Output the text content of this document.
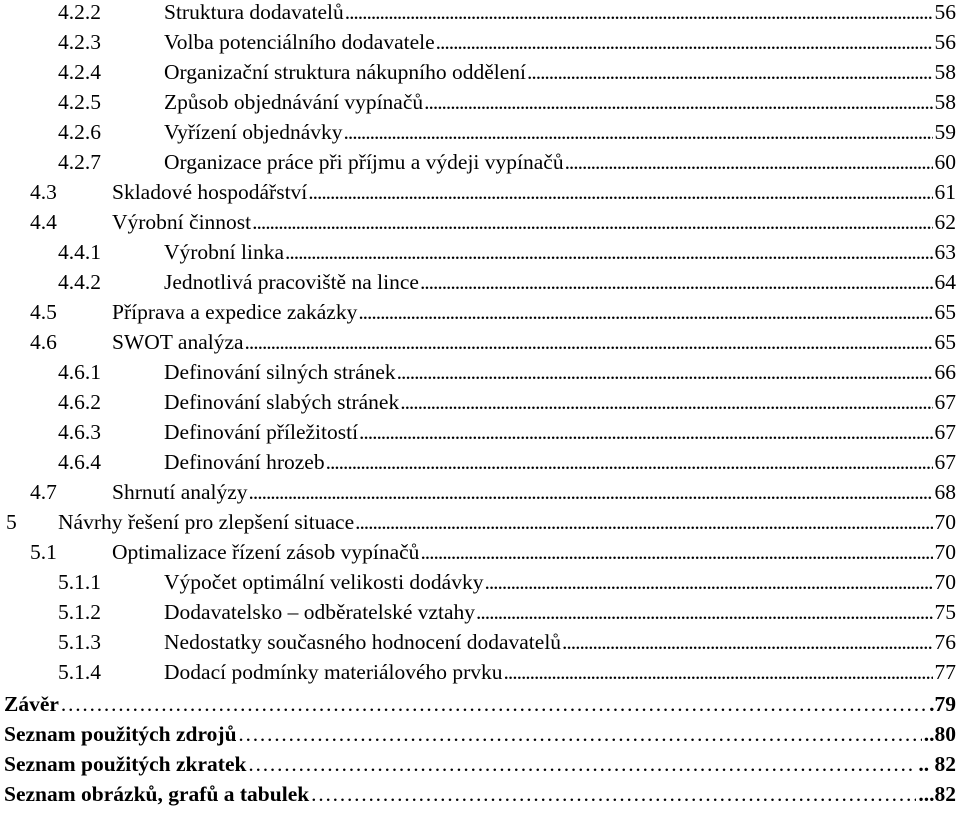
4.2.2	Struktura dodavatelů . . .	56
4.2.3	Volba potenciálního dodavatele . . .	56
4.2.4	Organizační struktura nákupního oddělení . . .	58
4.2.5	Způsob objednávání vypínačů . . .	58
4.2.6	Vyřízení objednávky . . .	59
4.2.7	Organizace práce při příjmu a výdeji vypínačů . . .	60
4.3	Skladové hospodářství . . .	61
4.4	Výrobní činnost . . .	62
4.4.1	Výrobní linka . . .	63
4.4.2	Jednotlivá pracoviště na lince . . .	64
4.5	Příprava a expedice zakázky . . .	65
4.6	SWOT analýza . . .	65
4.6.1	Definování silných stránek . . .	66
4.6.2	Definování slabých stránek . . .	67
4.6.3	Definování příležitostí . . .	67
4.6.4	Definování hrozeb . . .	67
4.7	Shrnutí analýzy . . .	68
5 Návrhy řešení pro zlepšení situace . . .	70
5.1	Optimalizace řízení zásob vypínačů . . .	70
5.1.1	Výpočet optimální velikosti dodávky . . .	70
5.1.2	Dodavatelsko – odběratelské vztahy . . .	75
5.1.3	Nedostatky současného hodnocení dodavatelů . . .	76
5.1.4	Dodací podmínky materiálového prvku . . .	77
Závěr …………………………………………………………………………………………………………………………………………………………………………………………	.79
Seznam použitých zdrojů …………………………………………………………………………………………………………………………………………………………………………………………	..80
Seznam použitých zkratek …………………………………………………………………………………………………………………………………………………………………………………………	.. 82
Seznam obrázků, grafů a tabulek …………………………………………………………………………………………………………………………………………………………………………………………	...82
